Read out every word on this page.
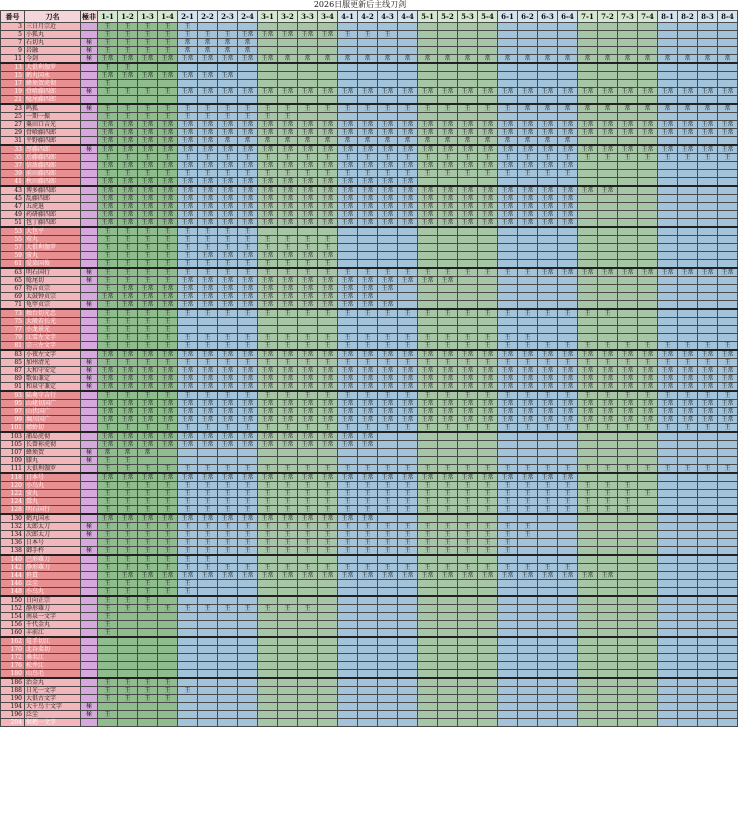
2026日服更新后主线刀剑
番号	刀名	極非	1-1	1-2	1-3	1-4	2-1	2-2	2-3	2-4	3-1	3-2	3-3	3-4	4-1	4-2	4-3	4-4	5-1	5-2	5-3	5-4	6-1	6-2	6-3	6-4	7-1	7-2	7-3	7-4	8-1	8-2	8-3	8-4
3	三日月宗近		王	王	王	王	王																											
5	小狐丸		王	王	王	王	王	王	王	王常	王常	王常	王常	王常	王	王	王																	
7	石切丸	極	王	王	王	王	常	常	常	常																								
9	岩融	極	王	王	王	王	常	常	常	常																								
11	今剑	極	王常	王常	王常	王常	王常	王常	王常	王常	王常	常	常	常	常	常	常	常	常	常	常	常	常	常	常	常	常	常	常	常	常	常	常	常
13	大俱利伽罗		王	王																														
15	鹤丸国永		王常	王常	王常	王常	王常	王常	王常																									
17	蜂须贺虎彻		王																															
19	骨喰藤四郎	極	王	王	王	王	王常	王常	王常	王常	王常	王常	王常	王常	王常	王常	王常	王常	王常	王常	王常	王常	王常	王常	王常	王常	王常	王常	王常	王常	王常	王常	王常	王常
21	鲶尾藤四郎																																	
23	鸣狐	極	王	王	王	王	王	王	王	王	王	王	王	王	王	王	王	王	王	王	王	王	王	常	常	常	常	常	常	常	常	常	常	常
25	一期一振		王	王	王	王	王	王	王	王	王	王																						
27	粟田口吉光		王常	王常	王常	王常	王常	王常	王常	王常	王常	王常	王常	王常	王常	王常	王常	王常	王常	王常	王常	王常	王常	王常	王常	王常	王常	王常	王常	王常	王常	王常	王常	王常
29	骨喰藤四郎		王常	王常	王常	王常	王常	王常	王常	王常	王常	王常	王常	王常	王常	王常	王常	王常	王常	王常	王常	王常	王常	王常	王常	王常	王常	王常	王常	王常	王常	王常	王常	王常
31	平野藤四郎		王常	王常	王常	王常	王常	王常	常	常	常	常	常	常	常	常	常	常	常	常	常	常	常	常	常	常								
33	厚藤四郎	極	王常	王常	王常	王常	王常	王常	王常	王常	王常	王常	王常	王常	王常	王常	王常	王常	王常	王常	王常	王常	王常	王常	王常	王常	王常	王常	王常	王常	王常	王常	王常	王常
35	后藤藤四郎		王	王	王	王	王	王	王	王	王	王	王	王	王	王	王	王	王	王	王	王	王	王	王	王	王	王	王	王	王	王	王	王
37	信浓藤四郎		王常	王常	王常	王常	王常	王常	王常	王常	王常	王常	王常	王常	王常	王常	王常	王常	王常	王常	王常	王常	王常	王常	王常	王常								
39	前田藤四郎		王	王	王	王	王	王	王	王	王	王	王	王	王	王	王	王	王	王	王	王	王	王	王	王								
41	秋田藤四郎		王常	王常	王常	王常	王常	王常	王常	王常	王常	王常	王常	王常	王常	王常	王常	王常																
43	博多藤四郎		王常	王常	王常	王常	王常	王常	王常	王常	王常	王常	王常	王常	王常	王常	王常	王常	王常	王常	王常	王常	王常	王常	王常	王常	王常	王常						
45	乱藤四郎		王常	王常	王常	王常	王常	王常	王常	王常	王常	王常	王常	王常	王常	王常	王常	王常	王常	王常	王常	王常	王常	王常	王常	王常								
47	五虎退		王常	王常	王常	王常	王常	王常	王常	王常	王常	王常	王常	王常	王常	王常	王常	王常	王常	王常	王常	王常	王常	王常	王常	王常								
49	药研藤四郎		王常	王常	王常	王常	王常	王常	王常	王常	王常	王常	王常	王常	王常	王常	王常	王常	王常	王常	王常	王常	王常	王常	王常	王常								
51	包丁藤四郎		王常	王常	王常	王常	王常	王常	王常	王常	王常	王常	王常	王常	王常	王常	王常	王常	王常	王常	王常	王常	王常	王常	王常	王常								
53	大包平		王	王	王	王	王	王	王	王																								
55	莺丸		王	王	王	王	王	王	王	王	王	王	王	王																				
57	大俱利伽罗		王	王	王	王	王	王	王	王	王	王	王	王																				
59	萤丸		王	王	王	王	王	王常	王常	王常	王常	王常	王常	王常																				
61	爱染国俊		王	王	王	王	王	王	王	王	王	王	王	王																				
63	明石国行	極	王	王	王	王	王	王	王	王	王	王	王	王	王	王	王	王	王	王	王	王	王	王	王常	王常	王常	王常	王常	王常	王常	王常	王常	王常
65	鲶尾切	極	王	王	王	王	王常	王常	王常	王常	王常	王常	王常	王常	王常	王常	王常	王常	王常	王常														
67	物吉贞宗		王	王常	王常	王常	王常	王常	王常	王常	王常	王常	王常	王常	王常	王常	王常																	
69	太鼓钟贞宗		王常	王常	王常	王常	王常	王常	王常	王常	王常	王常	王常	王常	王常	王常																		
71	龟甲贞宗	極	王	王常	王常	王常	王常	王常	王常	王常	王常	王常	王常	王常	王常	王常	王常																	
73	烛台切光忠		王	王	王	王	王	王	王	王	王	王	王	王	王	王	王	王	王	王	王	王	王	王	王	王	王	王						
75	大般若长光		王	王	王	王																												
77	小龙景光		王	王	王	王																												
79	江雪左文字		王	王	王	王	王	王	王	王	王	王	王	王	王	王	王	王	王	王	王	王	王	王										
81	宗三左文字		王	王	王	王	王	王	王	王	王	王	王	王	王	王	王	王	王	王	王	王	王	王	王	王	王	王	王	王	王	王	王	王
83	小夜左文字		王常	王常	王常	王常	王常	王常	王常	王常	王常	王常	王常	王常	王常	王常	王常	王常	王常	王常	王常	王常	王常	王常	王常	王常	王常	王常	王常	王常	王常	王常	王常	王常
85	加州清光	極	王	王	王	王	王	王	王	王	王	王	王	王	王	王	王	王	王	王	王	王	王	王	王	王	王	王	王	王	王	王	王	王
87	大和守安定	極	王常	王常	王常	王常	王常	王常	王常	王常	王常	王常	王常	王常	王常	王常	王常	王常	王常	王常	王常	王常	王常	王常	王常	王常	王常	王常	王常	王常	王常	王常	王常	王常
89	歌仙兼定	極	王常	王常	王常	王常	王常	王常	王常	王常	王常	王常	王常	王常	王常	王常	王常	王常	王常	王常	王常	王常	王常	王常	王常	王常	王常	王常	王常	王常	王常	王常	王常	王常
91	和泉守兼定	極	王常	王常	王常	王常	王常	王常	王常	王常	王常	王常	王常	王常	王常	王常	王常	王常	王常	王常	王常	王常	王常	王常	王常	王常	王常	王常	王常	王常	王常	王常	王常	王常
93	陆奥守吉行		王	王	王	王	王	王	王	王	王	王	王	王	王	王	王	王	王	王	王	王	王	王	王	王	王	王	王	王	王	王	王	王
95	山姥切国广		王常	王常	王常	王常	王常	王常	王常	王常	王常	王常	王常	王常	王常	王常	王常	王常	王常	王常	王常	王常	王常	王常	王常	王常	王常	王常	王常	王常	王常	王常	王常	王常
97	山伏国广		王常	王常	王常	王常	王常	王常	王常	王常	王常	王常	王常	王常	王常	王常	王常	王常	王常	王常	王常	王常	王常	王常	王常	王常	王常	王常	王常	王常	王常	王常	王常	王常
99	堀川国广		王常	王常	王常	王常	王常	王常	王常	王常	王常	王常	王常	王常	王常	王常	王常	王常	王常	王常	王常	王常	王常	王常	王常	王常	王常	王常	王常	王常	王常	王常	王常	王常
101	蜻蛉切		王	王	王	王	王	王	王	王	王	王	王	王	王	王	王	王	王	王	王	王	王	王	王	王	王	王	王	王	王	王	王	王
103	浦岛虎彻		王常	王常	王常	王常	王常	王常	王常	王常	王常	王常	王常	王常	王常	王常																		
105	长曾祢虎彻		王常	王常	王常	王常	王常	王常	王常	王常	王常	王常	王常	王常	王常	王常																		
107	蜂须贺	極	常	常	常																													
109	膝丸	極	王	王																														
111	大俱利伽罗		王	王	王	王	王	王	王	王	王	王	王	王	王	王	王	王	王	王	王	王	王	王	王	王	王	王	王	王	王	王	王	王
118	日本号		王常	王常	王常	王常	王常	王常	王常	王常	王常	王常	王常	王常	王常	王常	王常	王常	王常	王常	王常	王常	王常	王常	王常	王常								
120	小乌丸		王	王	王	王	王	王	王	王	王	王	王	王	王	王	王	王	王	王	王	王	王	王	王	王	王	王	王					
122	萤丸		王	王	王	王	王	王	王	王	王	王	王	王	王	王	王	王	王	王	王	王	王	王	王	王	王	王	王	王				
124	鶯丸		王	王	王	王	王	王	王	王	王	王	王	王	王	王	王	王	王	王	王	王	王	王	王	王	王	王	王					
128	明石国行		王	王	王	王	王	王	王	王	王	王	王	王	王	王	王	王	王	王	王	王	王	王	王	王	王	王	王					
130	鹤丸国永		王常	王常	王常	王常	王常	王常	王常	王常	王常	王常	王常	王常	王常	王常																		
132	太郎太刀	極	王	王	王	王	王	王	王	王	王	王	王	王	王	王	王	王	王	王	王	王	王	王										
134	次郎太刀	極	王	王	王	王	王	王	王	王	王	王	王	王	王	王	王	王	王	王	王	王	王	王										
136	日本号		王	王	王	王	王	王	王	王	王	王	王	王	王	王	王	王	王	王	王	王	王											
138	御手杵	極	王	王	王	王	王	王	王	王	王	王	王	王	王	王	王	王	王	王	王	王	王											
140	巴形薙刀		王	王	王	王	王	王																										
142	静形薙刀		王	王	王	王	王	王	王	王	王	王	王	王	王	王	王	王	王	王	王	王	王	王	王	王								
144	笹貫		王	王常	王常	王常	王常	王常	王常	王常	王常	王常	王常	王常	王常	王常	王常	王常	王常	王常	王常	王常	王常	王常	王常	王常	王常	王常						
146	泛尘		王	王	王	王	王																											
148	小乌丸		王	王	王	王	王																											
150	日向正宗		王	王	王																													
152	静形薙刀		王	王	王	王	王	王	王	王	王	王	王																					
154	南泉一文字		王																															
156	千代金丸		王																															
160	丰前江		王																															
162	篭手切江																																	
170	北谷菜切																																	
172	桑名江																																	
176	松井江																																	
180	山鸟毛																																	
186	治金丸		王	王	王	王																												
188	日光一文字		王	王	王	王	王																											
190	大俱古文字		王	王	王	王																												
194	大千鸟十文字	極																																
196	泛尘	極	王																															
204	姬鹤一文字																																	
